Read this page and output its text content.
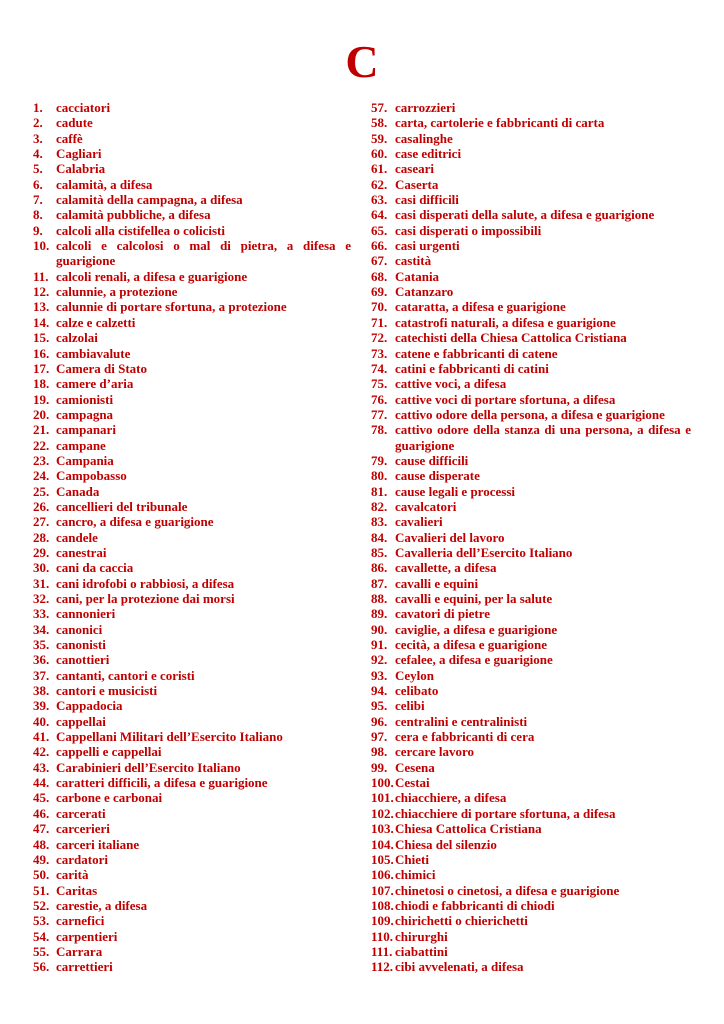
C
1.	cacciatori
2.	cadute
3.	caffè
4.	Cagliari
5.	Calabria
6.	calamità, a difesa
7.	calamità della campagna, a difesa
8.	calamità pubbliche, a difesa
9.	calcoli alla cistifellea o colicisti
10. calcoli e calcolosi o mal di pietra, a difesa e guarigione
11. calcoli renali, a difesa e guarigione
12. calunnie, a protezione
13. calunnie di portare sfortuna, a protezione
14. calze e calzetti
15. calzolai
16. cambiavalute
17. Camera di Stato
18. camere d’aria
19. camionisti
20. campagna
21. campanari
22. campane
23. Campania
24. Campobasso
25. Canada
26. cancellieri del tribunale
27. cancro, a difesa e guarigione
28. candele
29. canestrai
30. cani da caccia
31. cani idrofobi o rabbiosi, a difesa
32. cani, per la protezione dai morsi
33. cannonieri
34. canonici
35. canonisti
36. canottieri
37. cantanti, cantori e coristi
38. cantori e musicisti
39. Cappadocia
40. cappellai
41. Cappellani Militari dell’Esercito Italiano
42. cappelli e cappellai
43. Carabinieri dell’Esercito Italiano
44. caratteri difficili, a difesa e guarigione
45. carbone e carbonai
46. carcerati
47. carcerieri
48. carceri italiane
49. cardatori
50. carità
51. Caritas
52. carestie, a difesa
53. carnefici
54. carpentieri
55. Carrara
56. carrettieri
57. carrozzieri
58. carta, cartolerie e fabbricanti di carta
59. casalinghe
60. case editrici
61. caseari
62. Caserta
63. casi difficili
64. casi disperati della salute, a difesa e guarigione
65. casi disperati o impossibili
66. casi urgenti
67. castità
68. Catania
69. Catanzaro
70. cataratta, a difesa e guarigione
71. catastrofi naturali, a difesa e guarigione
72. catechisti della Chiesa Cattolica Cristiana
73. catene e fabbricanti di catene
74. catini e fabbricanti di catini
75. cattive voci, a difesa
76. cattive voci di portare sfortuna, a difesa
77. cattivo odore della persona, a difesa e guarigione
78. cattivo odore della stanza di una persona, a difesa e guarigione
79. cause difficili
80. cause disperate
81. cause legali e processi
82. cavalcatori
83. cavalieri
84. Cavalieri del lavoro
85. Cavalleria dell’Esercito Italiano
86. cavallette, a difesa
87. cavalli e equini
88. cavalli e equini, per la salute
89. cavatori di pietre
90. caviglie, a difesa e guarigione
91. cecità, a difesa e guarigione
92. cefalee, a difesa e guarigione
93. Ceylon
94. celibato
95. celibi
96. centralini e centralinisti
97. cera e fabbricanti di cera
98. cercare lavoro
99. Cesena
100. Cestai
101. chiacchiere, a difesa
102. chiacchiere di portare sfortuna, a difesa
103. Chiesa Cattolica Cristiana
104. Chiesa del silenzio
105. Chieti
106. chimici
107. chinetosi o cinetosi, a difesa e guarigione
108. chiodi e fabbricanti di chiodi
109. chirichetti o chierichetti
110. chirurghi
111. ciabattini
112. cibi avvelenati, a difesa
